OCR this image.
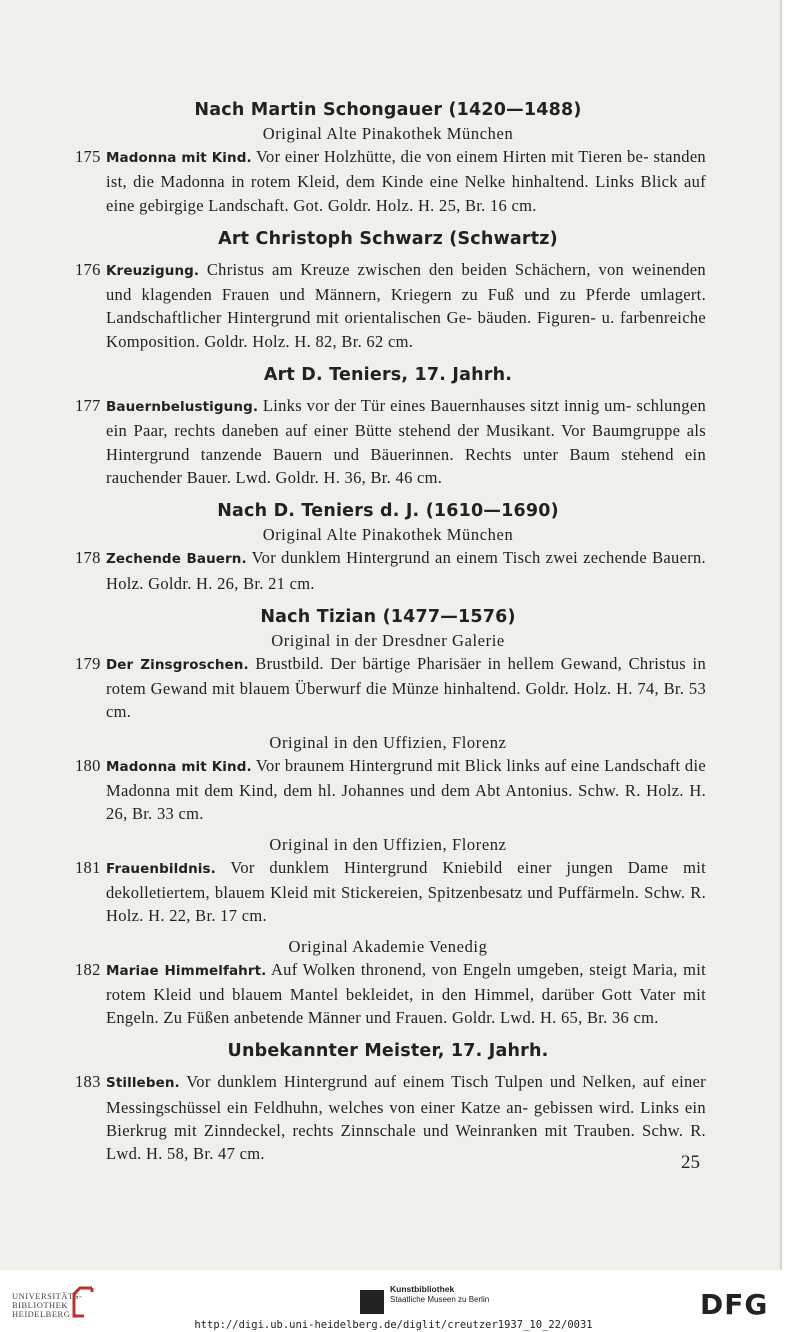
Nach Martin Schongauer (1420—1488)

Original Alte Pinakothek München

175 Madonna mit Kind. Vor einer Holzhütte, die von einem Hirten mit Tieren be- standen ist, die Madonna in rotem Kleid, dem Kinde eine Nelke hinhaltend. Links Blick auf eine gebirgige Landschaft. Got. Goldr. Holz. H. 25, Br. 16 cm.
Art Christoph Schwarz (Schwartz)
176 Kreuzigung. Christus am Kreuze zwischen den beiden Schächern, von weinenden und klagenden Frauen und Männern, Kriegern zu Fuß und zu Pferde umlagert. Landschaftlicher Hintergrund mit orientalischen Ge- bäuden. Figuren- u. farbenreiche Komposition. Goldr. Holz. H. 82, Br. 62 cm.
Art D. Teniers, 17. Jahrh.
177 Bauernbelustigung. Links vor der Tür eines Bauernhauses sitzt innig um- schlungen ein Paar, rechts daneben auf einer Bütte stehend der Musikant. Vor Baumgruppe als Hintergrund tanzende Bauern und Bäuerinnen. Rechts unter Baum stehend ein rauchender Bauer. Lwd. Goldr. H. 36, Br. 46 cm.
Nach D. Teniers d. J. (1610—1690)

Original Alte Pinakothek München

178 Zechende Bauern. Vor dunklem Hintergrund an einem Tisch zwei zechende Bauern. Holz. Goldr. H. 26, Br. 21 cm.
Nach Tizian (1477—1576)

Original in der Dresdner Galerie

179 Der Zinsgroschen. Brustbild. Der bärtige Pharisäer in hellem Gewand, Christus in rotem Gewand mit blauem Überwurf die Münze hinhaltend. Goldr. Holz. H. 74, Br. 53 cm.

Original in den Uffizien, Florenz

180 Madonna mit Kind. Vor braunem Hintergrund mit Blick links auf eine Landschaft die Madonna mit dem Kind, dem hl. Johannes und dem Abt Antonius. Schw. R. Holz. H. 26, Br. 33 cm.

Original in den Uffizien, Florenz

181 Frauenbildnis. Vor dunklem Hintergrund Kniebild einer jungen Dame mit dekolletiertem, blauem Kleid mit Stickereien, Spitzenbesatz und Puffärmeln. Schw. R. Holz. H. 22, Br. 17 cm.

Original Akademie Venedig

182 Mariae Himmelfahrt. Auf Wolken thronend, von Engeln umgeben, steigt Maria, mit rotem Kleid und blauem Mantel bekleidet, in den Himmel, darüber Gott Vater mit Engeln. Zu Füßen anbetende Männer und Frauen. Goldr. Lwd. H. 65, Br. 36 cm.
Unbekannter Meister, 17. Jahrh.
183 Stilleben. Vor dunklem Hintergrund auf einem Tisch Tulpen und Nelken, auf einer Messingschüssel ein Feldhuhn, welches von einer Katze an- gebissen wird. Links ein Bierkrug mit Zinndeckel, rechts Zinnschale und Weinranken mit Trauben. Schw. R. Lwd. H. 58, Br. 47 cm.	25
UNIVERSITÄTS-
BIBLIOTHEK
HEIDELBERG
Kunstbibliothek
Staatliche Museen zu Berlin	DFG
http://digi.ub.uni-heidelberg.de/diglit/creutzer1937_10_22/0031
